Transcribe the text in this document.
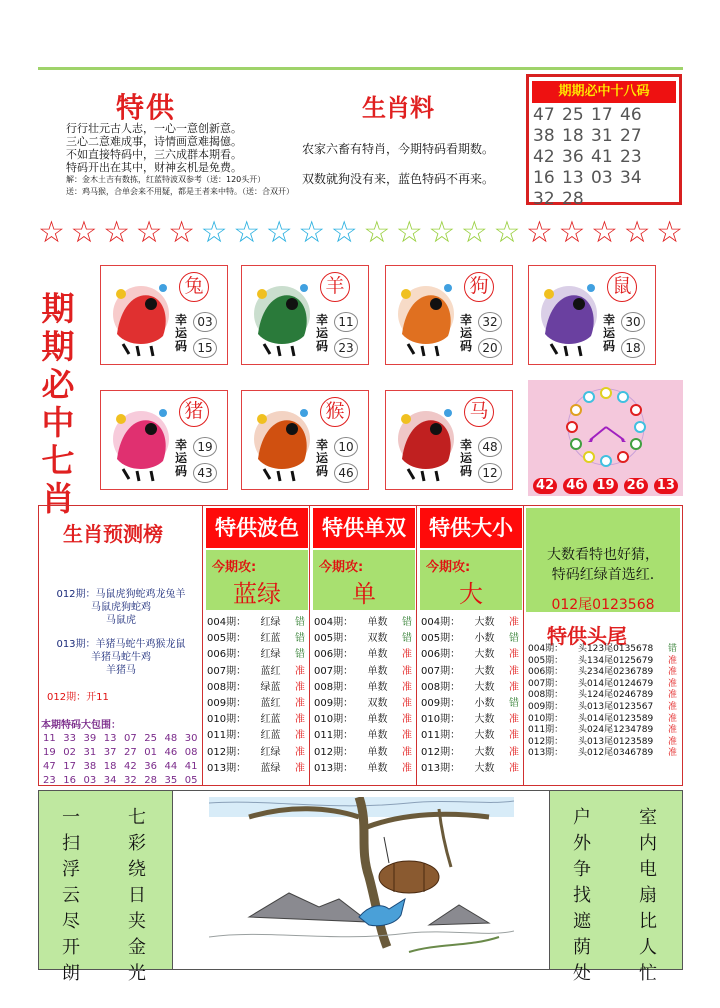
特供
行行壮元古人志，一心一意创新意。
三心二意难成事，诗情画意难揭億。
不如直接特码中，三六成群本期看。
特码开出在其中，财神玄机是免费。
解：金木土吉有数拣，红蓝特波双参考（送：120头开）
送：鸡马猴，合单会来不用疑，都是王者来中特。（送：合双开）
生肖料
农家六畜有特肖，今期特码看期数。
双数就狗没有来，蓝色特码不再来。
期期必中十八码
47 25 17 46
38 18 31 27
42 36 41 23
16 13 03 34
32 28
☆ ☆ ☆ ☆ ☆ ☆ ☆ ☆ ☆ ☆ ☆ ☆ ☆ ☆ ☆ ☆ ☆ ☆ ☆ ☆
期期必中七肖
兔
幸运码
03
15
羊
幸运码
11
23
狗
幸运码
32
20
鼠
幸运码
30
18
猪
幸运码
19
43
猴
幸运码
10
46
马
幸运码
48
12
42 46 19 26 13
生肖预测榜
012期：马鼠虎狗蛇鸡龙兔羊
马鼠虎狗蛇鸡
马鼠虎
013期：羊猪马蛇牛鸡猴龙鼠
羊猪马蛇牛鸡
羊猪马
012期：开11
本期特码大包围：
11 33 39 13 07 25 48 30
19 02 31 37 27 01 46 08
47 17 38 18 42 36 44 41
23 16 03 34 32 28 35 05
特供波色
今期攻:
蓝绿
004期： 红绿 错
005期： 红蓝 错
006期： 红绿 错
007期： 蓝红 准
008期： 绿蓝 准
009期： 蓝红 准
010期： 红蓝 准
011期： 红蓝 准
012期： 红绿 准
013期： 蓝绿 准
特供单双
今期攻:
单
004期： 单数 错
005期： 双数 错
006期： 单数 准
007期： 单数 准
008期： 单数 准
009期： 双数 准
010期： 单数 准
011期： 单数 准
012期： 单数 准
013期： 单数 准
特供大小
今期攻:
大
004期： 大数 准
005期： 小数 错
006期： 大数 准
007期： 大数 准
008期： 大数 准
009期： 小数 错
010期： 大数 准
011期： 大数 准
012期： 大数 准
013期： 大数 准
大数看特也好猜，
特码红绿首选红.
012尾0123568
特供头尾
004期： 头123尾0135678 错
005期： 头134尾0125679 准
006期： 头234尾0236789 准
007期： 头014尾0124679 准
008期： 头124尾0246789 准
009期： 头013尾0123567 准
010期： 头014尾0123589 准
011期： 头024尾1234789 准
012期： 头013尾0123589 准
013期： 头012尾0346789 准
一
扫
浮
云
尽
开
朗
七
彩
绕
日
夹
金
光
户
外
争
找
遮
荫
处
室
内
电
扇
比
人
忙
